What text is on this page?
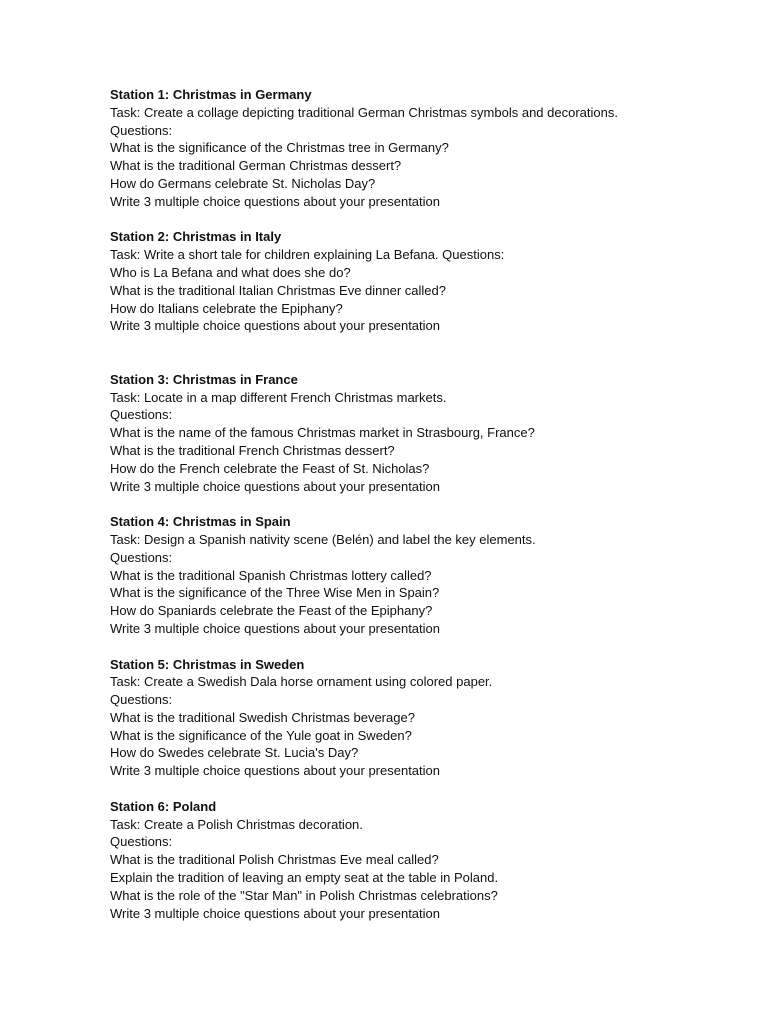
Station 1: Christmas in Germany
Task: Create a collage depicting traditional German Christmas symbols and decorations.
Questions:
What is the significance of the Christmas tree in Germany?
What is the traditional German Christmas dessert?
How do Germans celebrate St. Nicholas Day?
Write 3 multiple choice questions about your presentation
Station 2: Christmas in Italy
Task: Write a short tale for children explaining La Befana. Questions:
Who is La Befana and what does she do?
What is the traditional Italian Christmas Eve dinner called?
How do Italians celebrate the Epiphany?
Write 3 multiple choice questions about your presentation
Station 3: Christmas in France
Task: Locate in a map different French Christmas markets.
Questions:
What is the name of the famous Christmas market in Strasbourg, France?
What is the traditional French Christmas dessert?
How do the French celebrate the Feast of St. Nicholas?
Write 3 multiple choice questions about your presentation
Station 4: Christmas in Spain
Task: Design a Spanish nativity scene (Belén) and label the key elements.
Questions:
What is the traditional Spanish Christmas lottery called?
What is the significance of the Three Wise Men in Spain?
How do Spaniards celebrate the Feast of the Epiphany?
Write 3 multiple choice questions about your presentation
Station 5: Christmas in Sweden
Task: Create a Swedish Dala horse ornament using colored paper.
Questions:
What is the traditional Swedish Christmas beverage?
What is the significance of the Yule goat in Sweden?
How do Swedes celebrate St. Lucia's Day?
Write 3 multiple choice questions about your presentation
Station 6: Poland
Task: Create a Polish Christmas decoration.
Questions:
What is the traditional Polish Christmas Eve meal called?
Explain the tradition of leaving an empty seat at the table in Poland.
What is the role of the "Star Man" in Polish Christmas celebrations?
Write 3 multiple choice questions about your presentation
